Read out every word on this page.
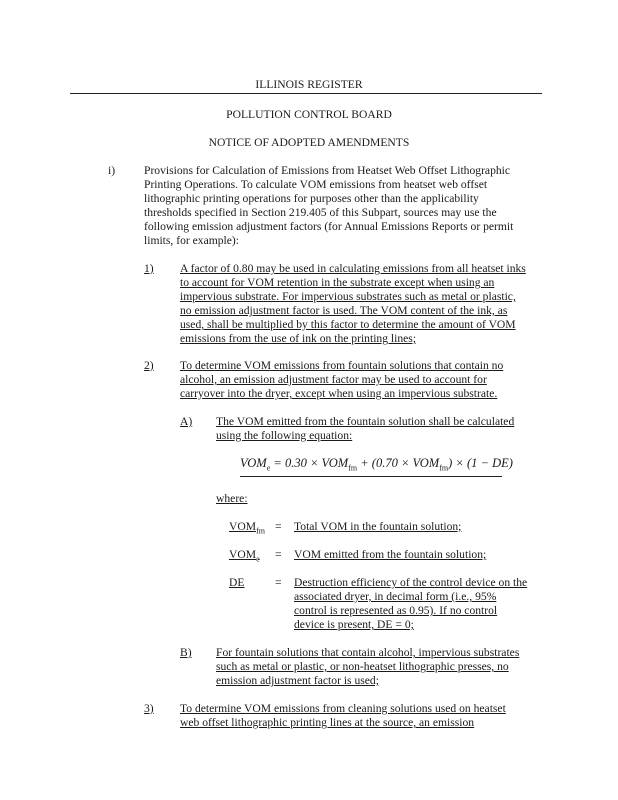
ILLINOIS REGISTER
POLLUTION CONTROL BOARD
NOTICE OF ADOPTED AMENDMENTS
i) Provisions for Calculation of Emissions from Heatset Web Offset Lithographic
Printing Operations. To calculate VOM emissions from heatset web offset
lithographic printing operations for purposes other than the applicability
thresholds specified in Section 219.405 of this Subpart, sources may use the
following emission adjustment factors (for Annual Emissions Reports or permit
limits, for example):
1) A factor of 0.80 may be used in calculating emissions from all heatset inks
to account for VOM retention in the substrate except when using an
impervious substrate. For impervious substrates such as metal or plastic,
no emission adjustment factor is used. The VOM content of the ink, as
used, shall be multiplied by this factor to determine the amount of VOM
emissions from the use of ink on the printing lines;
2) To determine VOM emissions from fountain solutions that contain no
alcohol, an emission adjustment factor may be used to account for
carryover into the dryer, except when using an impervious substrate.
A) The VOM emitted from the fountain solution shall be calculated
using the following equation:
$VOM_e = 0.30 \times VOM_{fm} + (0.70 \times VOM_{fm}) \times (1 - DE)$
where:
$VOM_{fm}$ = Total VOM in the fountain solution;
$VOM_e$ = VOM emitted from the fountain solution;
DE	= Destruction efficiency of the control device on the
associated dryer, in decimal form (i.e., 95%
control is represented as 0.95). If no control
device is present, DE = 0;
B) For fountain solutions that contain alcohol, impervious substrates
such as metal or plastic, or non-heatset lithographic presses, no
emission adjustment factor is used;
3) To determine VOM emissions from cleaning solutions used on heatset
web offset lithographic printing lines at the source, an emission
